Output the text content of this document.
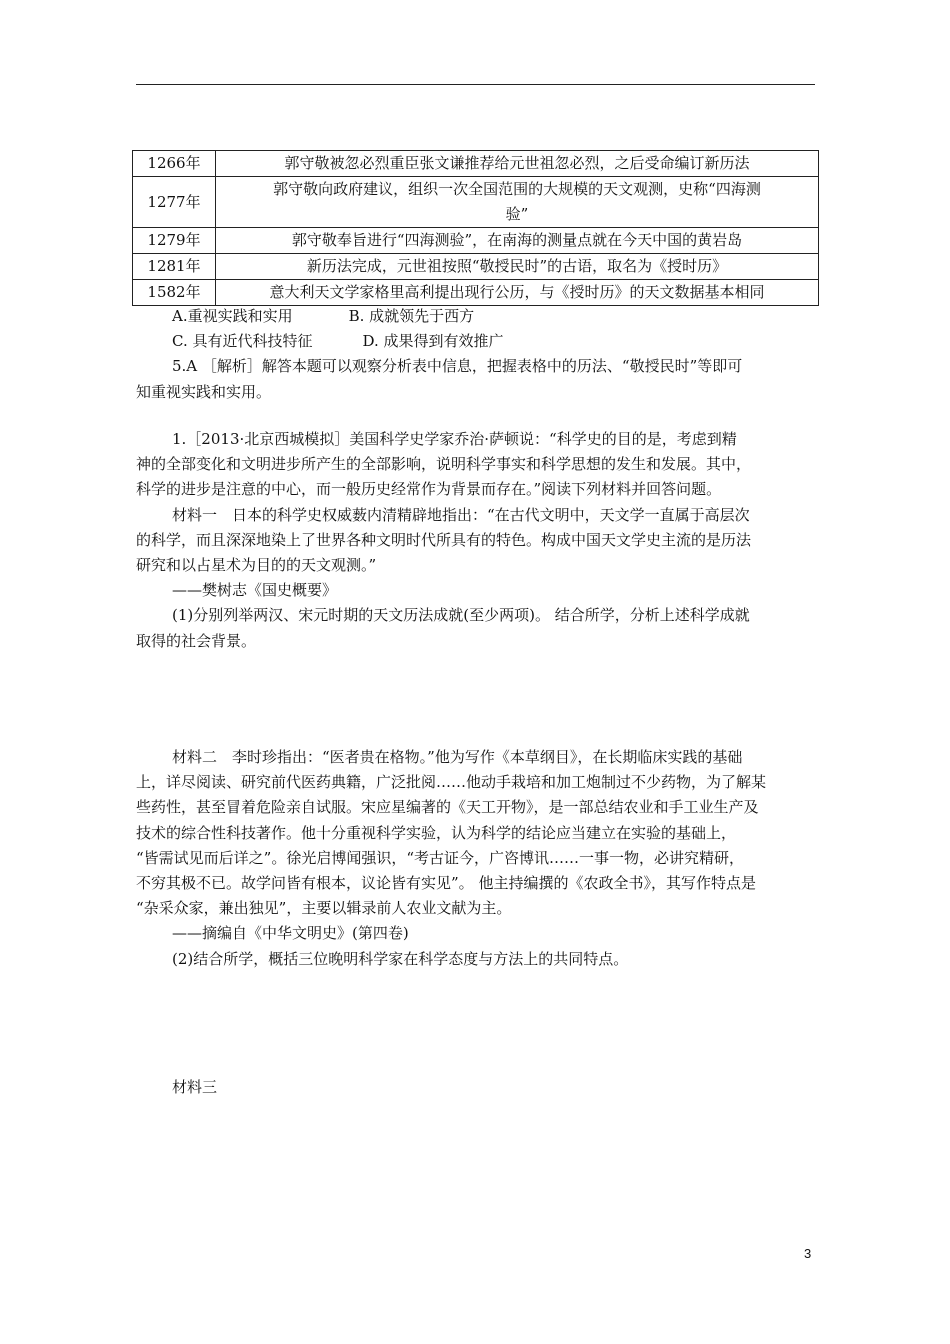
1266年	郭守敬被忽必烈重臣张文谦推荐给元世祖忽必烈，之后受命编订新历法

1277年	郭守敬向政府建议，组织一次全国范围的大规模的天文观测，史称“四海测
验”

1279年	郭守敬奉旨进行“四海测验”，在南海的测量点就在今天中国的黄岩岛

1281年	新历法完成，元世祖按照“敬授民时”的古语，取名为《授时历》

1582年	意大利天文学家格里高利提出现行公历，与《授时历》的天文数据基本相同
A.重视实践和实用	B. 成就领先于西方
C. 具有近代科技特征	D. 成果得到有效推广
5.A ［解析］解答本题可以观察分析表中信息，把握表格中的历法、“敬授民时”等即可
知重视实践和实用。
1.［2013·北京西城模拟］美国科学史学家乔治·萨顿说：“科学史的目的是，考虑到精
神的全部变化和文明进步所产生的全部影响，说明科学事实和科学思想的发生和发展。其中，
科学的进步是注意的中心，而一般历史经常作为背景而存在。”阅读下列材料并回答问题。
材料一　日本的科学史权威薮内清精辟地指出：“在古代文明中，天文学一直属于高层次
的科学，而且深深地染上了世界各种文明时代所具有的特色。构成中国天文学史主流的是历法
研究和以占星术为目的的天文观测。”
——樊树志《国史概要》
(1)分别列举两汉、宋元时期的天文历法成就(至少两项)。 结合所学，分析上述科学成就
取得的社会背景。
材料二　李时珍指出：“医者贵在格物。”他为写作《本草纲目》，在长期临床实践的基础
上，详尽阅读、研究前代医药典籍，广泛批阅……他动手栽培和加工炮制过不少药物，为了解某
些药性，甚至冒着危险亲自试服。宋应星编著的《天工开物》，是一部总结农业和手工业生产及
技术的综合性科技著作。他十分重视科学实验，认为科学的结论应当建立在实验的基础上，
“皆需试见而后详之”。徐光启博闻强识，“考古证今，广咨博讯……一事一物，必讲究精研，
不穷其极不已。故学问皆有根本，议论皆有实见”。 他主持编撰的《农政全书》，其写作特点是
“杂采众家，兼出独见”，主要以辑录前人农业文献为主。
——摘编自《中华文明史》(第四卷)
(2)结合所学，概括三位晚明科学家在科学态度与方法上的共同特点。
材料三
3
